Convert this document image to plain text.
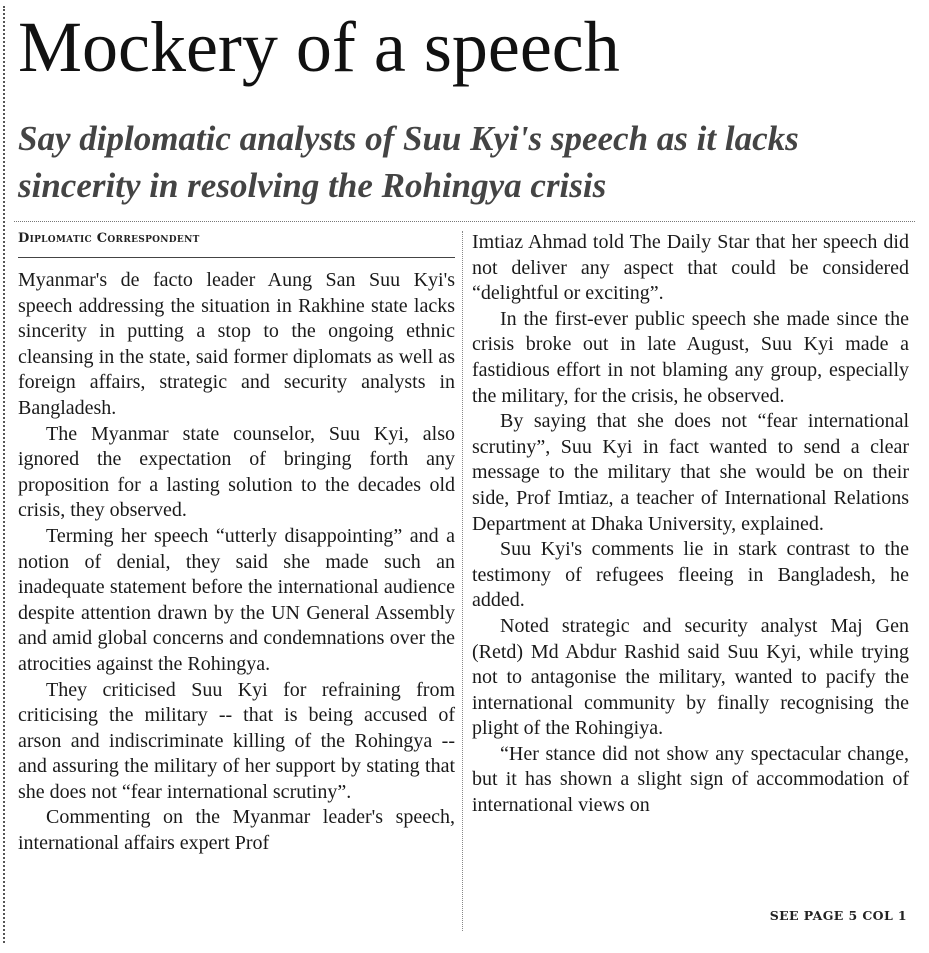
Mockery of a speech
Say diplomatic analysts of Suu Kyi's speech as it lacks sincerity in resolving the Rohingya crisis
Diplomatic Correspondent

Myanmar's de facto leader Aung San Suu Kyi's speech addressing the situation in Rakhine state lacks sincerity in putting a stop to the ongoing ethnic cleansing in the state, said former diplomats as well as foreign affairs, strategic and security analysts in Bangladesh.

The Myanmar state counselor, Suu Kyi, also ignored the expectation of bringing forth any proposition for a lasting solution to the decades old crisis, they observed.

Terming her speech “utterly disappointing” and a notion of denial, they said she made such an inadequate statement before the international audience despite attention drawn by the UN General Assembly and amid global concerns and condemnations over the atrocities against the Rohingya.

They criticised Suu Kyi for refraining from criticising the military -- that is being accused of arson and indiscriminate killing of the Rohingya -- and assuring the military of her support by stating that she does not “fear international scrutiny”.

Commenting on the Myanmar leader's speech, international affairs expert Prof

Imtiaz Ahmad told The Daily Star that her speech did not deliver any aspect that could be considered “delightful or exciting”.

In the first-ever public speech she made since the crisis broke out in late August, Suu Kyi made a fastidious effort in not blaming any group, especially the military, for the crisis, he observed.

By saying that she does not “fear international scrutiny”, Suu Kyi in fact wanted to send a clear message to the military that she would be on their side, Prof Imtiaz, a teacher of International Relations Department at Dhaka University, explained.

Suu Kyi's comments lie in stark contrast to the testimony of refugees fleeing in Bangladesh, he added.

Noted strategic and security analyst Maj Gen (Retd) Md Abdur Rashid said Suu Kyi, while trying not to antagonise the military, wanted to pacify the international community by finally recognising the plight of the Rohingiya.

“Her stance did not show any spectacular change, but it has shown a slight sign of accommodation of international views on

SEE PAGE 5 COL 1
